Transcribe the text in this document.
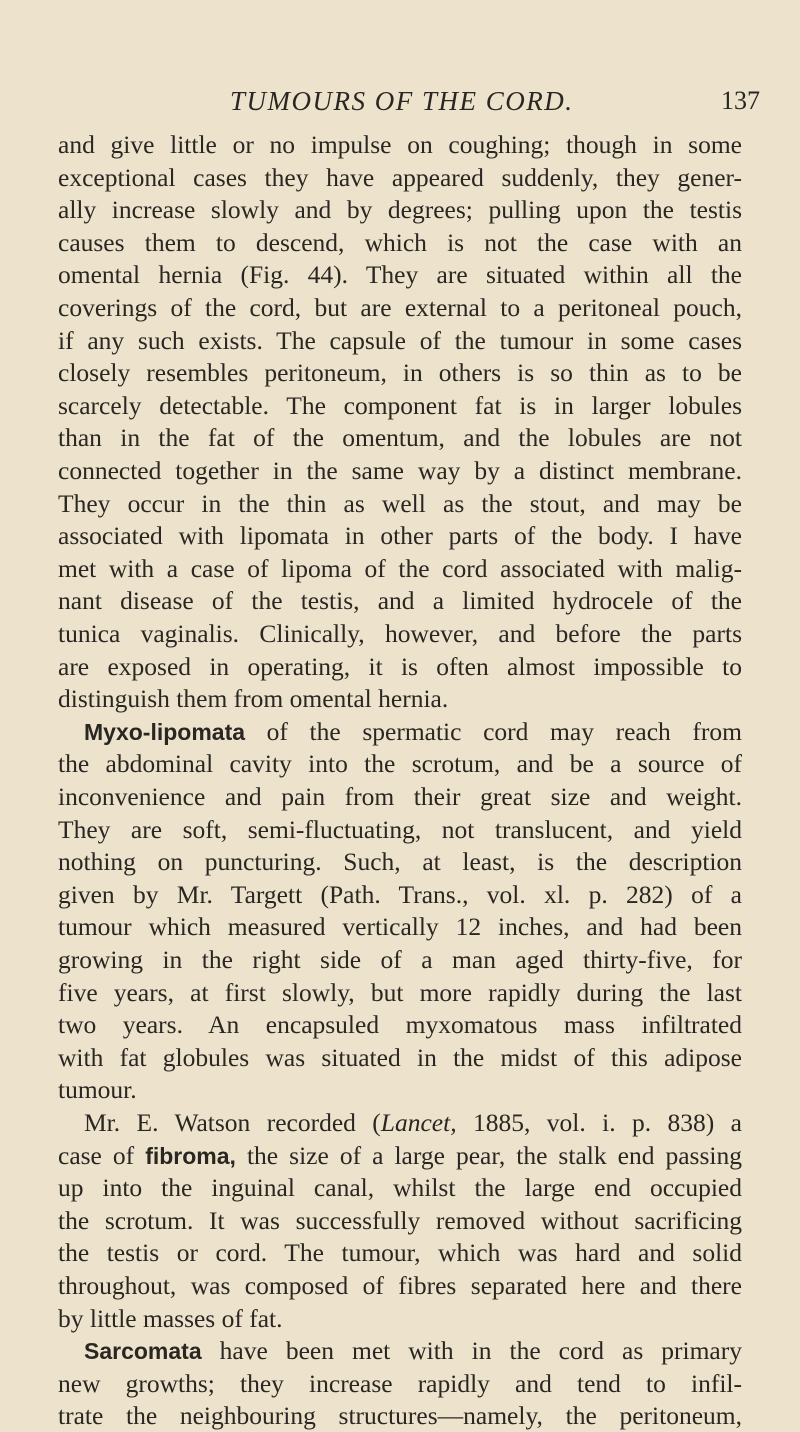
TUMOURS OF THE CORD.	137
and give little or no impulse on coughing; though in some
exceptional cases they have appeared suddenly, they gener-
ally increase slowly and by degrees; pulling upon the testis
causes them to descend, which is not the case with an
omental hernia (Fig. 44). They are situated within all the
coverings of the cord, but are external to a peritoneal pouch,
if any such exists. The capsule of the tumour in some cases
closely resembles peritoneum, in others is so thin as to be
scarcely detectable. The component fat is in larger lobules
than in the fat of the omentum, and the lobules are not
connected together in the same way by a distinct membrane.
They occur in the thin as well as the stout, and may be
associated with lipomata in other parts of the body. I have
met with a case of lipoma of the cord associated with malig-
nant disease of the testis, and a limited hydrocele of the
tunica vaginalis. Clinically, however, and before the parts
are exposed in operating, it is often almost impossible to
distinguish them from omental hernia.
Myxo-lipomata of the spermatic cord may reach from
the abdominal cavity into the scrotum, and be a source of
inconvenience and pain from their great size and weight.
They are soft, semi-fluctuating, not translucent, and yield
nothing on puncturing. Such, at least, is the description
given by Mr. Targett (Path. Trans., vol. xl. p. 282) of a
tumour which measured vertically 12 inches, and had been
growing in the right side of a man aged thirty-five, for
five years, at first slowly, but more rapidly during the last
two years. An encapsuled myxomatous mass infiltrated
with fat globules was situated in the midst of this adipose
tumour.
Mr. E. Watson recorded (Lancet, 1885, vol. i. p. 838) a
case of fibroma, the size of a large pear, the stalk end passing
up into the inguinal canal, whilst the large end occupied
the scrotum. It was successfully removed without sacrificing
the testis or cord. The tumour, which was hard and solid
throughout, was composed of fibres separated here and there
by little masses of fat.
Sarcomata have been met with in the cord as primary
new growths; they increase rapidly and tend to infil-
trate the neighbouring structures—namely, the peritoneum,
